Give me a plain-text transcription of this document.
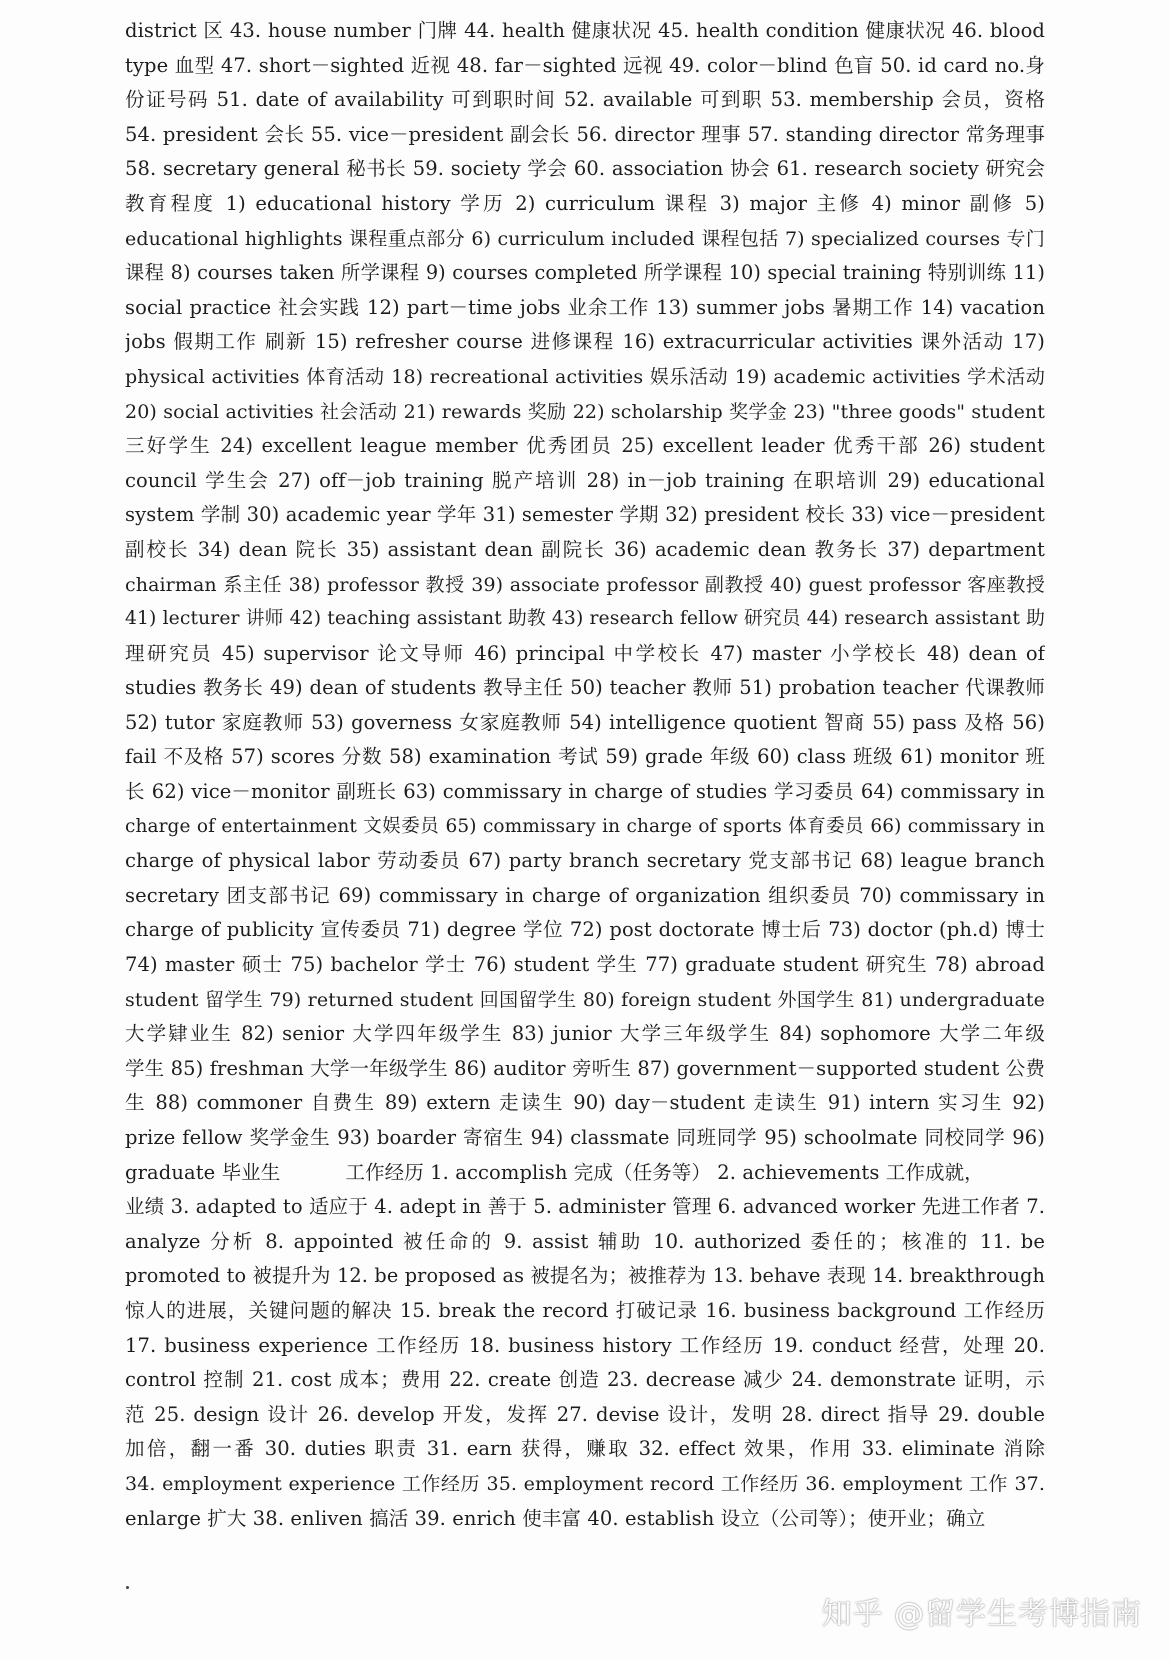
district 区 43. house number 门牌 44. health 健康状况 45. health condition 健康状况 46. blood
type 血型 47. short－sighted 近视 48. far－sighted 远视 49. color－blind 色盲 50. id card no.身
份证号码 51. date of availability 可到职时间 52. available 可到职 53. membership 会员，资格
54. president 会长 55. vice－president 副会长 56. director 理事 57. standing director 常务理事
58. secretary general 秘书长 59. society 学会 60. association 协会 61. research society 研究会
教育程度 1) educational history 学历 2) curriculum 课程 3) major 主修 4) minor 副修 5)
educational highlights 课程重点部分 6) curriculum included 课程包括 7) specialized courses 专门
课程 8) courses taken 所学课程 9) courses completed 所学课程 10) special training 特别训练 11)
social practice 社会实践 12) part－time jobs 业余工作 13) summer jobs 暑期工作 14) vacation
jobs 假期工作 刷新 15) refresher course 进修课程 16) extracurricular activities 课外活动 17)
physical activities 体育活动 18) recreational activities 娱乐活动 19) academic activities 学术活动
20) social activities 社会活动 21) rewards 奖励 22) scholarship 奖学金 23) "three goods" student
三好学生 24) excellent league member 优秀团员 25) excellent leader 优秀干部 26) student
council 学生会 27) off－job training 脱产培训 28) in－job training 在职培训 29) educational
system 学制 30) academic year 学年 31) semester 学期 32) president 校长 33) vice－president
副校长 34) dean 院长 35) assistant dean 副院长 36) academic dean 教务长 37) department
chairman 系主任 38) professor 教授 39) associate professor 副教授 40) guest professor 客座教授
41) lecturer 讲师 42) teaching assistant 助教 43) research fellow 研究员 44) research assistant 助
理研究员 45) supervisor 论文导师 46) principal 中学校长 47) master 小学校长 48) dean of
studies 教务长 49) dean of students 教导主任 50) teacher 教师 51) probation teacher 代课教师
52) tutor 家庭教师 53) governess 女家庭教师 54) intelligence quotient 智商 55) pass 及格 56)
fail 不及格 57) scores 分数 58) examination 考试 59) grade 年级 60) class 班级 61) monitor 班
长 62) vice－monitor 副班长 63) commissary in charge of studies 学习委员 64) commissary in
charge of entertainment 文娱委员 65) commissary in charge of sports 体育委员 66) commissary in
charge of physical labor 劳动委员 67) party branch secretary 党支部书记 68) league branch
secretary 团支部书记 69) commissary in charge of organization 组织委员 70) commissary in
charge of publicity 宣传委员 71) degree 学位 72) post doctorate 博士后 73) doctor (ph.d) 博士
74) master 硕士 75) bachelor 学士 76) student 学生 77) graduate student 研究生 78) abroad
student 留学生 79) returned student 回国留学生 80) foreign student 外国学生 81) undergraduate
大学肄业生 82) senior 大学四年级学生 83) junior 大学三年级学生 84) sophomore 大学二年级
学生 85) freshman 大学一年级学生 86) auditor 旁听生 87) government－supported student 公费
生 88) commoner 自费生 89) extern 走读生 90) day－student 走读生 91) intern 实习生 92)
prize fellow 奖学金生 93) boarder 寄宿生 94) classmate 同班同学 95) schoolmate 同校同学 96)
graduate 毕业生　　　 工作经历 1. accomplish 完成（任务等） 2. achievements 工作成就，
业绩 3. adapted to 适应于 4. adept in 善于 5. administer 管理 6. advanced worker 先进工作者 7.
analyze 分析 8. appointed 被任命的 9. assist 辅助 10. authorized 委任的；核准的 11. be
promoted to 被提升为 12. be proposed as 被提名为；被推荐为 13. behave 表现 14. breakthrough
惊人的进展，关键问题的解决 15. break the record 打破记录 16. business background 工作经历
17. business experience 工作经历 18. business history 工作经历 19. conduct 经营，处理 20.
control 控制 21. cost 成本；费用 22. create 创造 23. decrease 减少 24. demonstrate 证明，示
范 25. design 设计 26. develop 开发，发挥 27. devise 设计，发明 28. direct 指导 29. double
加倍，翻一番 30. duties 职责 31. earn 获得，赚取 32. effect 效果，作用 33. eliminate 消除
34. employment experience 工作经历 35. employment record 工作经历 36. employment 工作 37.
enlarge 扩大 38. enliven 搞活 39. enrich 使丰富 40. establish 设立（公司等）；使开业；确立
知乎 @留学生考博指南
